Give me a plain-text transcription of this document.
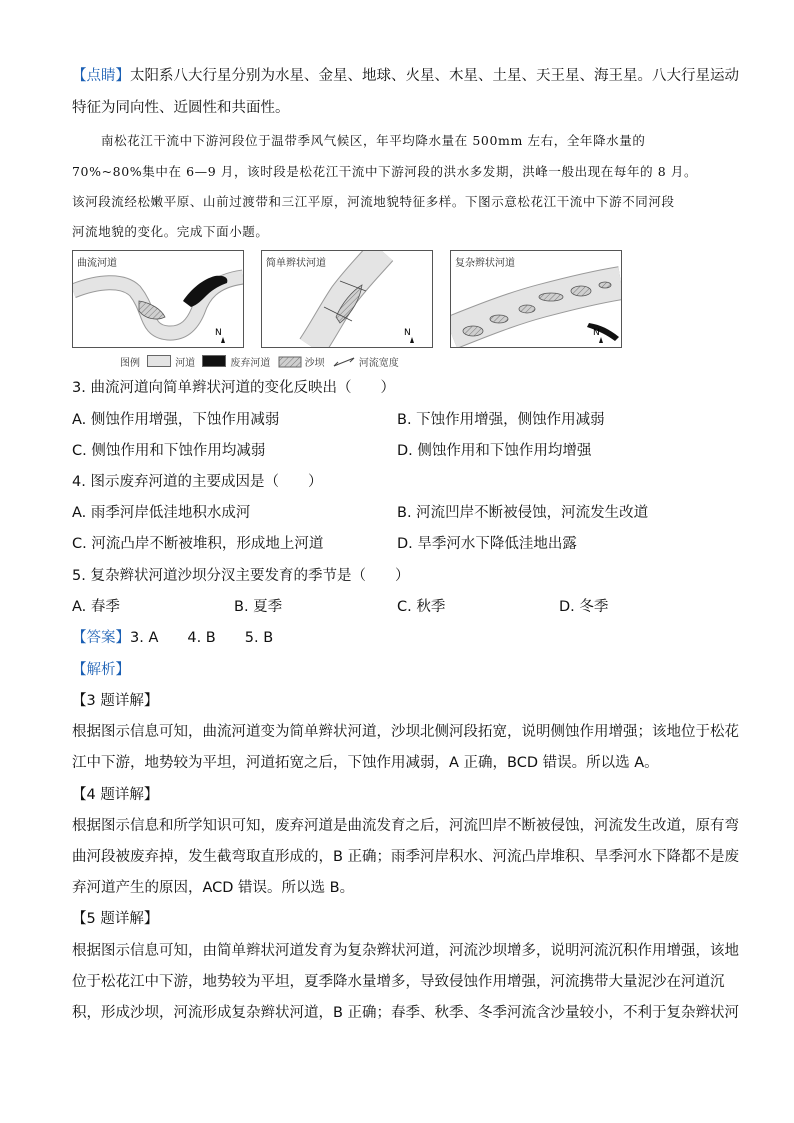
【点睛】太阳系八大行星分别为水星、金星、地球、火星、木星、土星、天王星、海王星。八大行星运动
特征为同向性、近圆性和共面性。
南松花江干流中下游河段位于温带季风气候区，年平均降水量在 500mm 左右，全年降水量的
70%~80%集中在 6—9 月，该时段是松花江干流中下游河段的洪水多发期，洪峰一般出现在每年的 8 月。
该河段流经松嫩平原、山前过渡带和三江平原，河流地貌特征多样。下图示意松花江干流中下游不同河段
河流地貌的变化。完成下面小题。
曲流河道
N
简单辫状河道
N
复杂辫状河道
N
图例	河道	废弃河道	沙坝	河流宽度
3. 曲流河道向简单辫状河道的变化反映出（　　）
A. 侧蚀作用增强，下蚀作用减弱	B. 下蚀作用增强，侧蚀作用减弱
C. 侧蚀作用和下蚀作用均减弱	D. 侧蚀作用和下蚀作用均增强
4. 图示废弃河道的主要成因是（　　）
A. 雨季河岸低洼地积水成河	B. 河流凹岸不断被侵蚀，河流发生改道
C. 河流凸岸不断被堆积，形成地上河道	D. 旱季河水下降低洼地出露
5. 复杂辫状河道沙坝分汊主要发育的季节是（　　）
A. 春季	B. 夏季	C. 秋季	D. 冬季
【答案】3. A　　4. B　　5. B
【解析】
【3 题详解】
根据图示信息可知，曲流河道变为简单辫状河道，沙坝北侧河段拓宽，说明侧蚀作用增强；该地位于松花
江中下游，地势较为平坦，河道拓宽之后，下蚀作用减弱，A 正确，BCD 错误。所以选 A。
【4 题详解】
根据图示信息和所学知识可知，废弃河道是曲流发育之后，河流凹岸不断被侵蚀，河流发生改道，原有弯
曲河段被废弃掉，发生截弯取直形成的，B 正确；雨季河岸积水、河流凸岸堆积、旱季河水下降都不是废
弃河道产生的原因，ACD 错误。所以选 B。
【5 题详解】
根据图示信息可知，由简单辫状河道发育为复杂辫状河道，河流沙坝增多，说明河流沉积作用增强，该地
位于松花江中下游，地势较为平坦，夏季降水量增多，导致侵蚀作用增强，河流携带大量泥沙在河道沉
积，形成沙坝，河流形成复杂辫状河道，B 正确；春季、秋季、冬季河流含沙量较小，不利于复杂辫状河
